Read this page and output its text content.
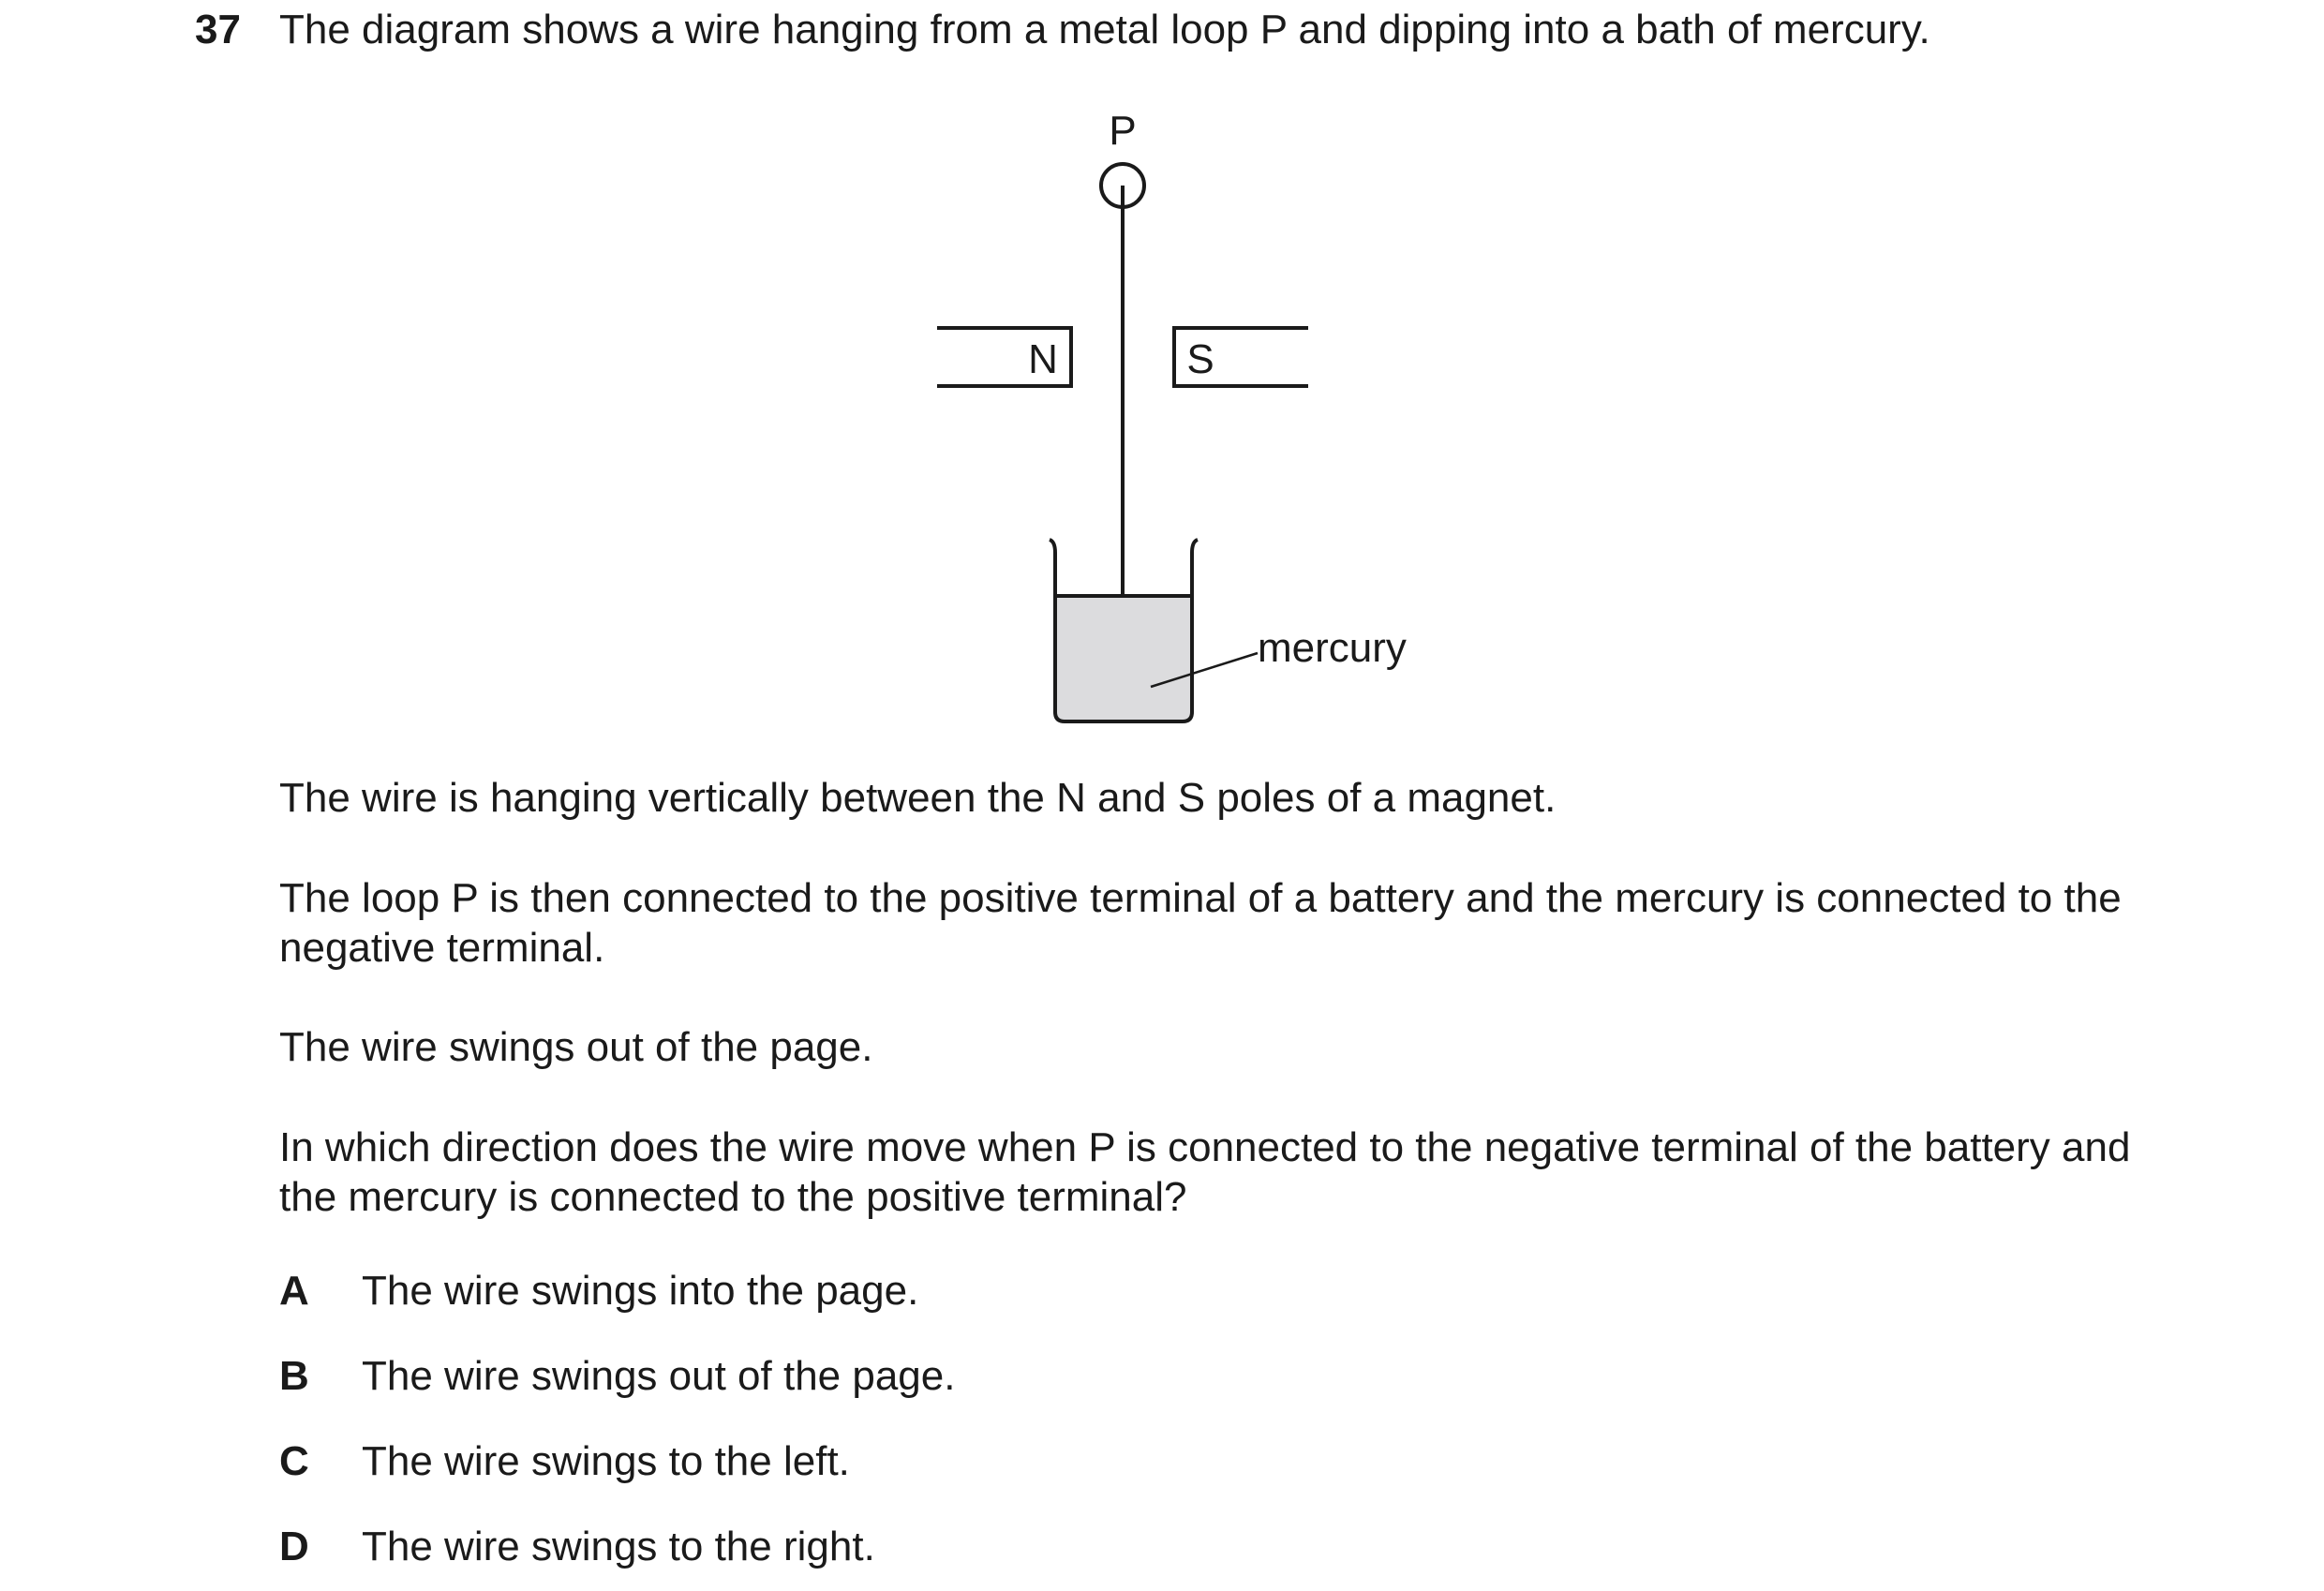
37 The diagram shows a wire hanging from a metal loop P and dipping into a bath of mercury.
P
N	S
mercury

The wire is hanging vertically between the N and S poles of a magnet.

The loop P is then connected to the positive terminal of a battery and the mercury is connected to the negative terminal.

The wire swings out of the page.

In which direction does the wire move when P is connected to the negative terminal of the battery and the mercury is connected to the positive terminal?

A The wire swings into the page.
B The wire swings out of the page.
C The wire swings to the left.
D The wire swings to the right.
